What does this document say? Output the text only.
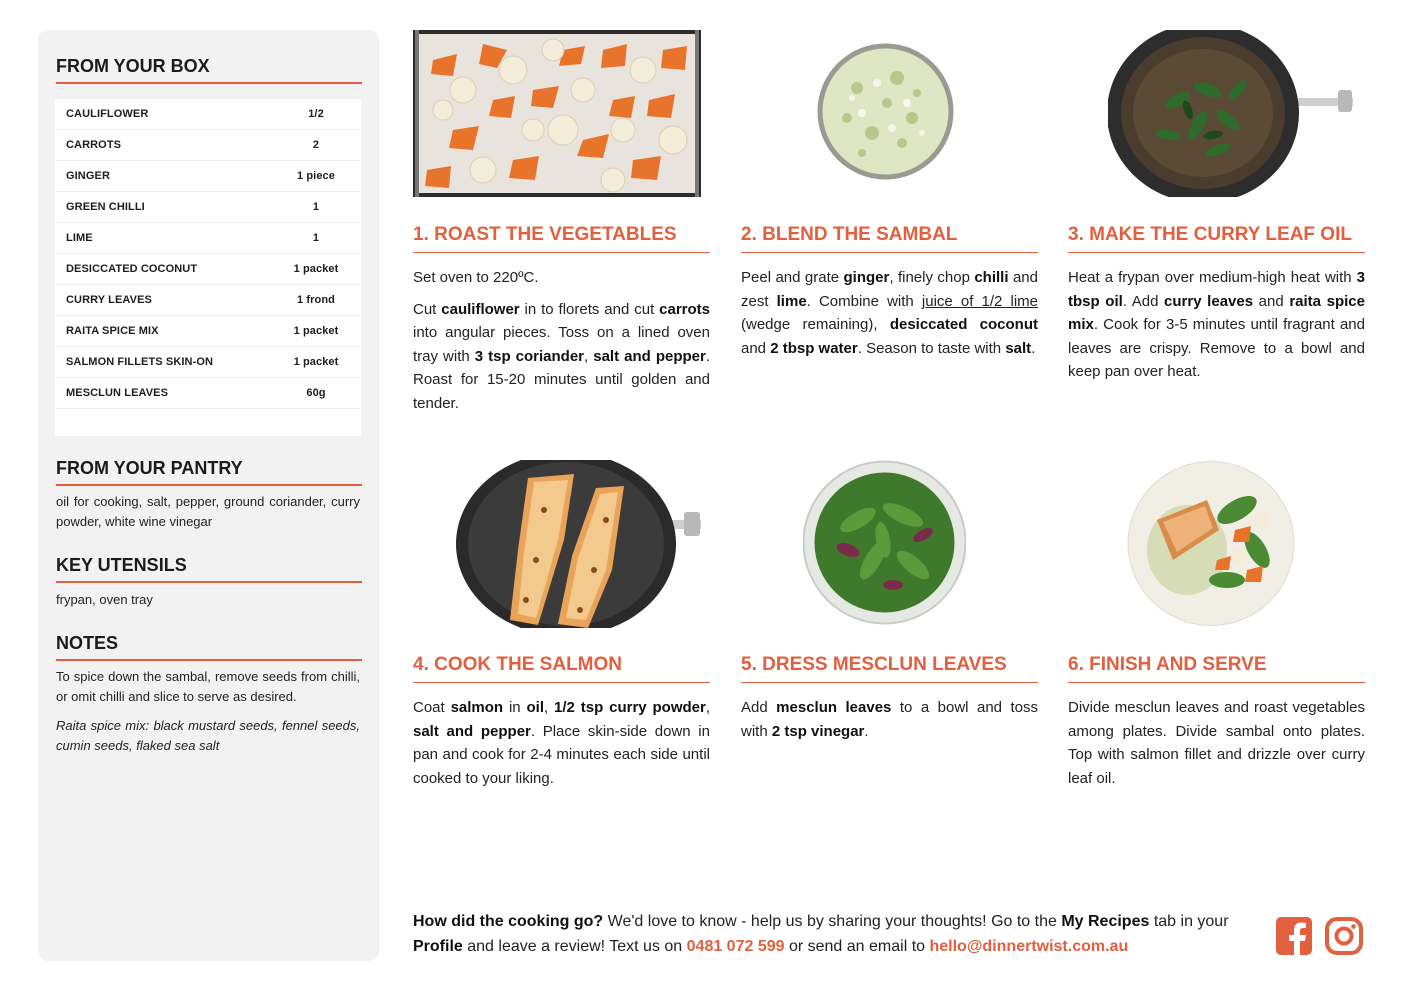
FROM YOUR BOX
CAULIFLOWER	1/2
CARROTS	2
GINGER	1 piece
GREEN CHILLI	1
LIME	1
DESICCATED COCONUT	1 packet
CURRY LEAVES	1 frond
RAITA SPICE MIX	1 packet
SALMON FILLETS SKIN-ON	1 packet
MESCLUN LEAVES	60g
FROM YOUR PANTRY
oil for cooking, salt, pepper, ground coriander, curry powder, white wine vinegar
KEY UTENSILS
frypan, oven tray
NOTES
To spice down the sambal, remove seeds from chilli, or omit chilli and slice to serve as desired.
Raita spice mix: black mustard seeds, fennel seeds, cumin seeds, flaked sea salt
1. ROAST THE VEGETABLES

Set oven to 220ºC.

Cut cauliflower in to florets and cut carrots into angular pieces. Toss on a lined oven tray with 3 tsp coriander, salt and pepper. Roast for 15-20 minutes until golden and tender.

2. BLEND THE SAMBAL

Peel and grate ginger, finely chop chilli and zest lime. Combine with juice of 1/2 lime (wedge remaining), desiccated coconut and 2 tbsp water. Season to taste with salt.

3. MAKE THE CURRY LEAF OIL

Heat a frypan over medium-high heat with 3 tbsp oil. Add curry leaves and raita spice mix. Cook for 3-5 minutes until fragrant and leaves are crispy. Remove to a bowl and keep pan over heat.

4. COOK THE SALMON

Coat salmon in oil, 1/2 tsp curry powder, salt and pepper. Place skin-side down in pan and cook for 2-4 minutes each side until cooked to your liking.

5. DRESS MESCLUN LEAVES

Add mesclun leaves to a bowl and toss with 2 tsp vinegar.

6. FINISH AND SERVE

Divide mesclun leaves and roast vegetables among plates. Divide sambal onto plates. Top with salmon fillet and drizzle over curry leaf oil.

How did the cooking go? We'd love to know - help us by sharing your thoughts! Go to the My Recipes tab in your Profile and leave a review! Text us on 0481 072 599 or send an email to hello@dinnertwist.com.au
